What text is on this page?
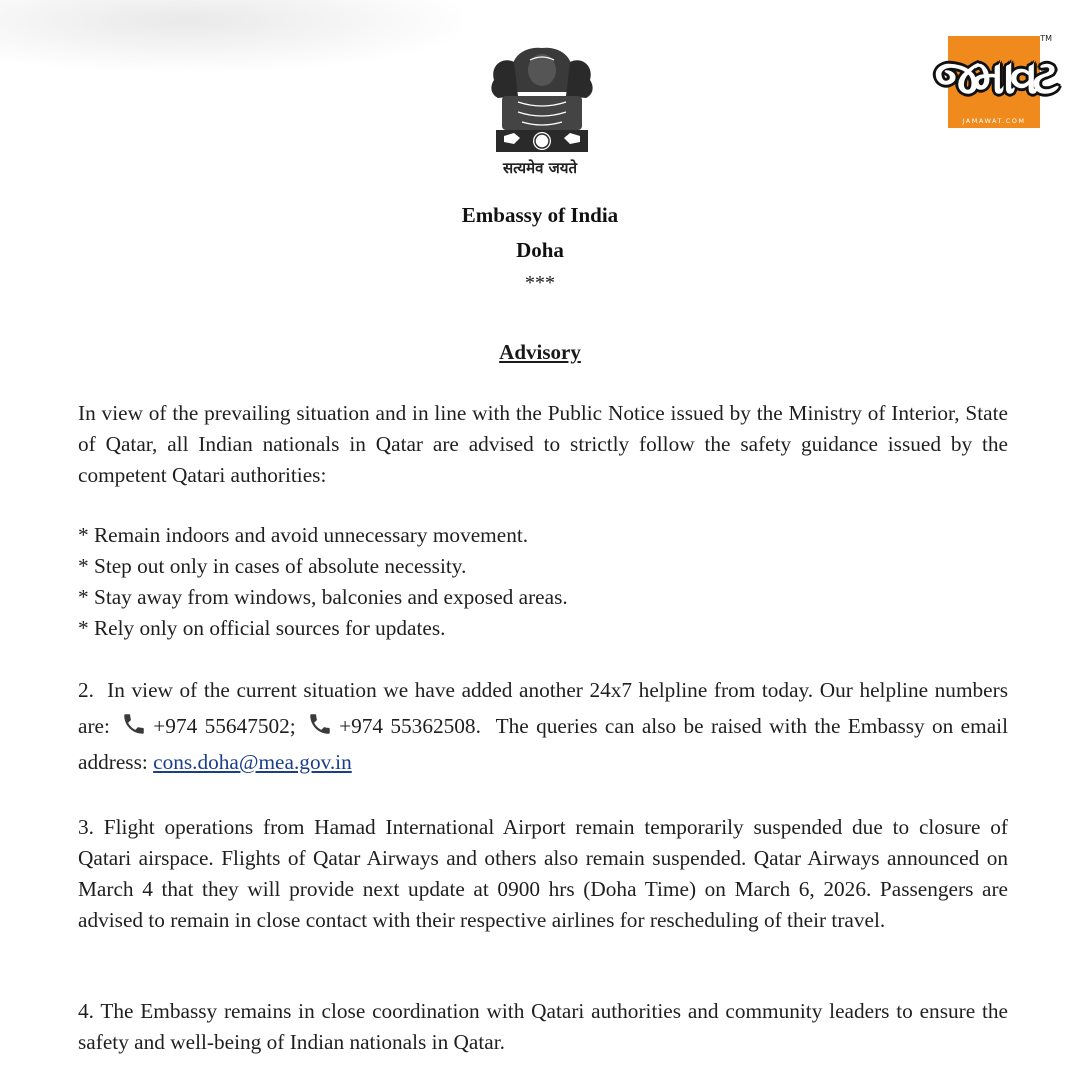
सत्यमेव जयते
જમાવટ
JAMAWAT.COM
TM
Embassy of India
Doha
***
Advisory
In view of the prevailing situation and in line with the Public Notice issued by the Ministry of Interior, State of Qatar, all Indian nationals in Qatar are advised to strictly follow the safety guidance issued by the competent Qatari authorities:
* Remain indoors and avoid unnecessary movement.
* Step out only in cases of absolute necessity.
* Stay away from windows, balconies and exposed areas.
* Rely only on official sources for updates.
2.  In view of the current situation we have added another 24x7 helpline from today. Our helpline numbers are: +974 55647502; +974 55362508.  The queries can also be raised with the Embassy on email address: cons.doha@mea.gov.in
3. Flight operations from Hamad International Airport remain temporarily suspended due to closure of Qatari airspace. Flights of Qatar Airways and others also remain suspended. Qatar Airways announced on March 4 that they will provide next update at 0900 hrs (Doha Time) on March 6, 2026. Passengers are advised to remain in close contact with their respective airlines for rescheduling of their travel.
4. The Embassy remains in close coordination with Qatari authorities and community leaders to ensure the safety and well-being of Indian nationals in Qatar.
